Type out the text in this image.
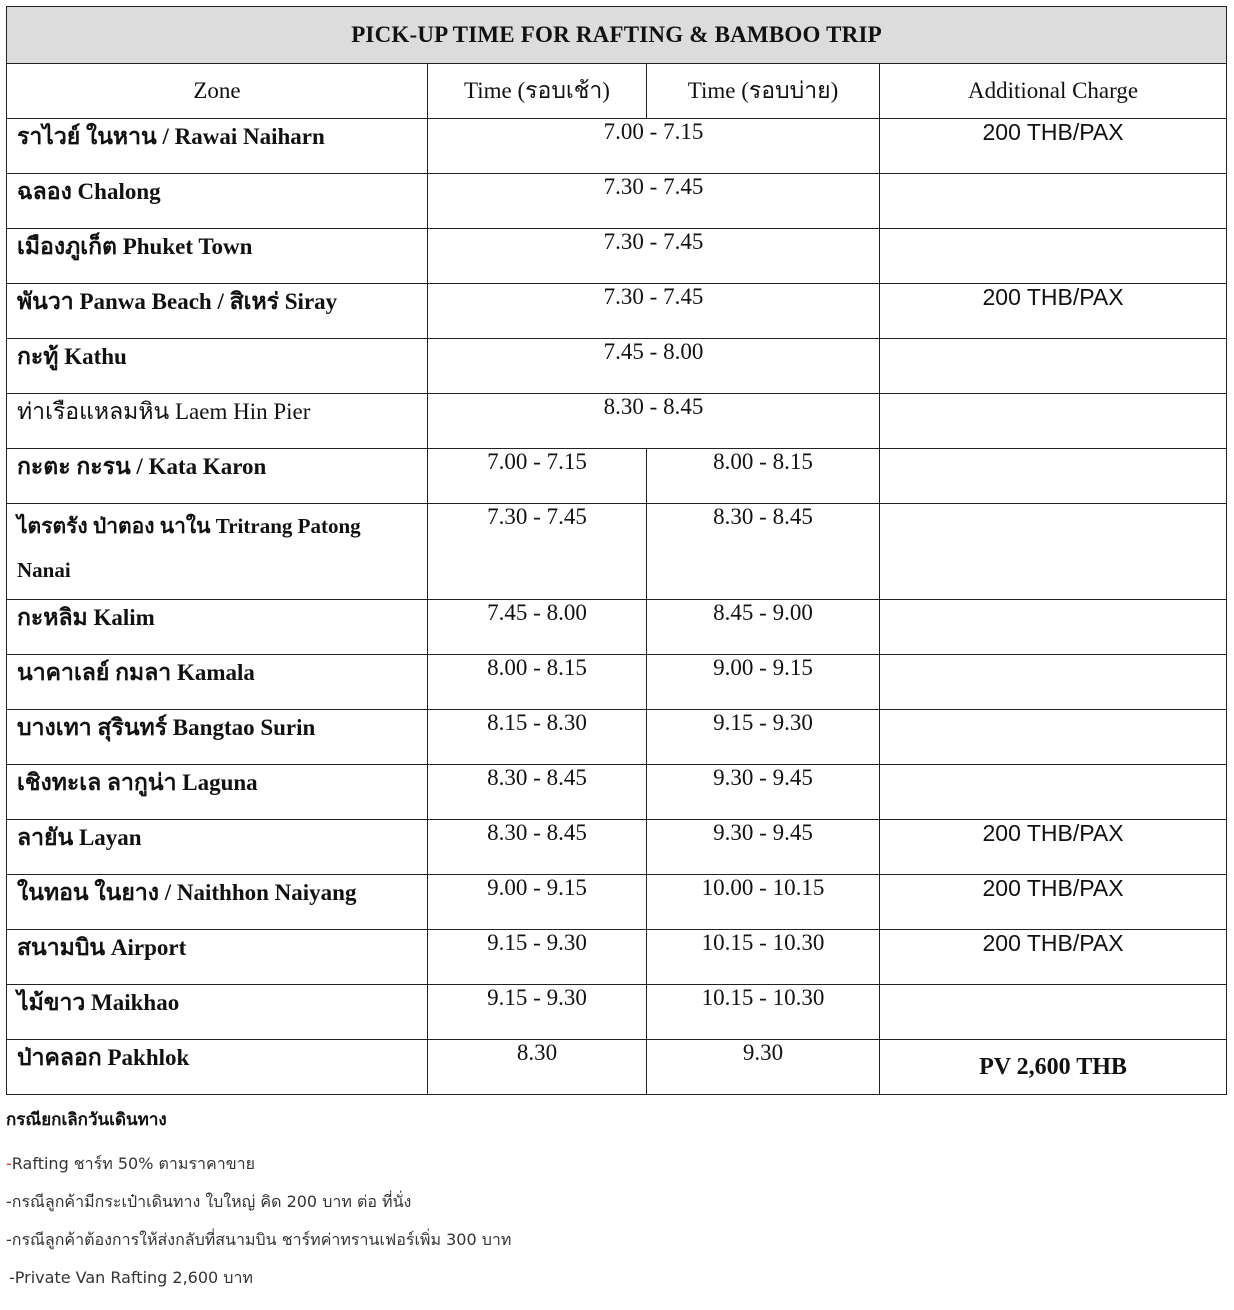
PICK-UP TIME FOR RAFTING & BAMBOO TRIP			
Zone	Time (รอบเช้า)	Time (รอบบ่าย)	Additional Charge
ราไวย์ ในหาน / Rawai Naiharn	7.00 - 7.15		200 THB/PAX
ฉลอง Chalong	7.30 - 7.45		
เมืองภูเก็ต Phuket Town	7.30 - 7.45		
พันวา Panwa Beach / สิเหร่ Siray	7.30 - 7.45		200 THB/PAX
กะทู้ Kathu	7.45 - 8.00		
ท่าเรือแหลมหิน Laem Hin Pier	8.30 - 8.45		
กะตะ กะรน / Kata Karon	7.00 - 7.15	8.00 - 8.15	
ไตรตรัง ป่าตอง นาใน Tritrang Patong Nanai	7.30 - 7.45	8.30 - 8.45	
กะหลิม Kalim	7.45 - 8.00	8.45 - 9.00	
นาคาเลย์ กมลา Kamala	8.00 - 8.15	9.00 - 9.15	
บางเทา สุรินทร์ Bangtao Surin	8.15 - 8.30	9.15 - 9.30	
เชิงทะเล ลากูน่า Laguna	8.30 - 8.45	9.30 - 9.45	
ลายัน Layan	8.30 - 8.45	9.30 - 9.45	200 THB/PAX
ในทอน ในยาง / Naithhon Naiyang	9.00 - 9.15	10.00 - 10.15	200 THB/PAX
สนามบิน Airport	9.15 - 9.30	10.15 - 10.30	200 THB/PAX
ไม้ขาว Maikhao	9.15 - 9.30	10.15 - 10.30	
ป่าคลอก Pakhlok	8.30	9.30	PV 2,600 THB
กรณียกเลิกวันเดินทาง
-Rafting ชาร์ท 50% ตามราคาขาย
-กรณีลูกค้ามีกระเป๋าเดินทาง ใบใหญ่ คิด 200 บาท ต่อ ที่นั่ง
-กรณีลูกค้าต้องการให้ส่งกลับที่สนามบิน ชาร์ทค่าทรานเฟอร์เพิ่ม 300 บาท
-Private Van Rafting 2,600 บาท
